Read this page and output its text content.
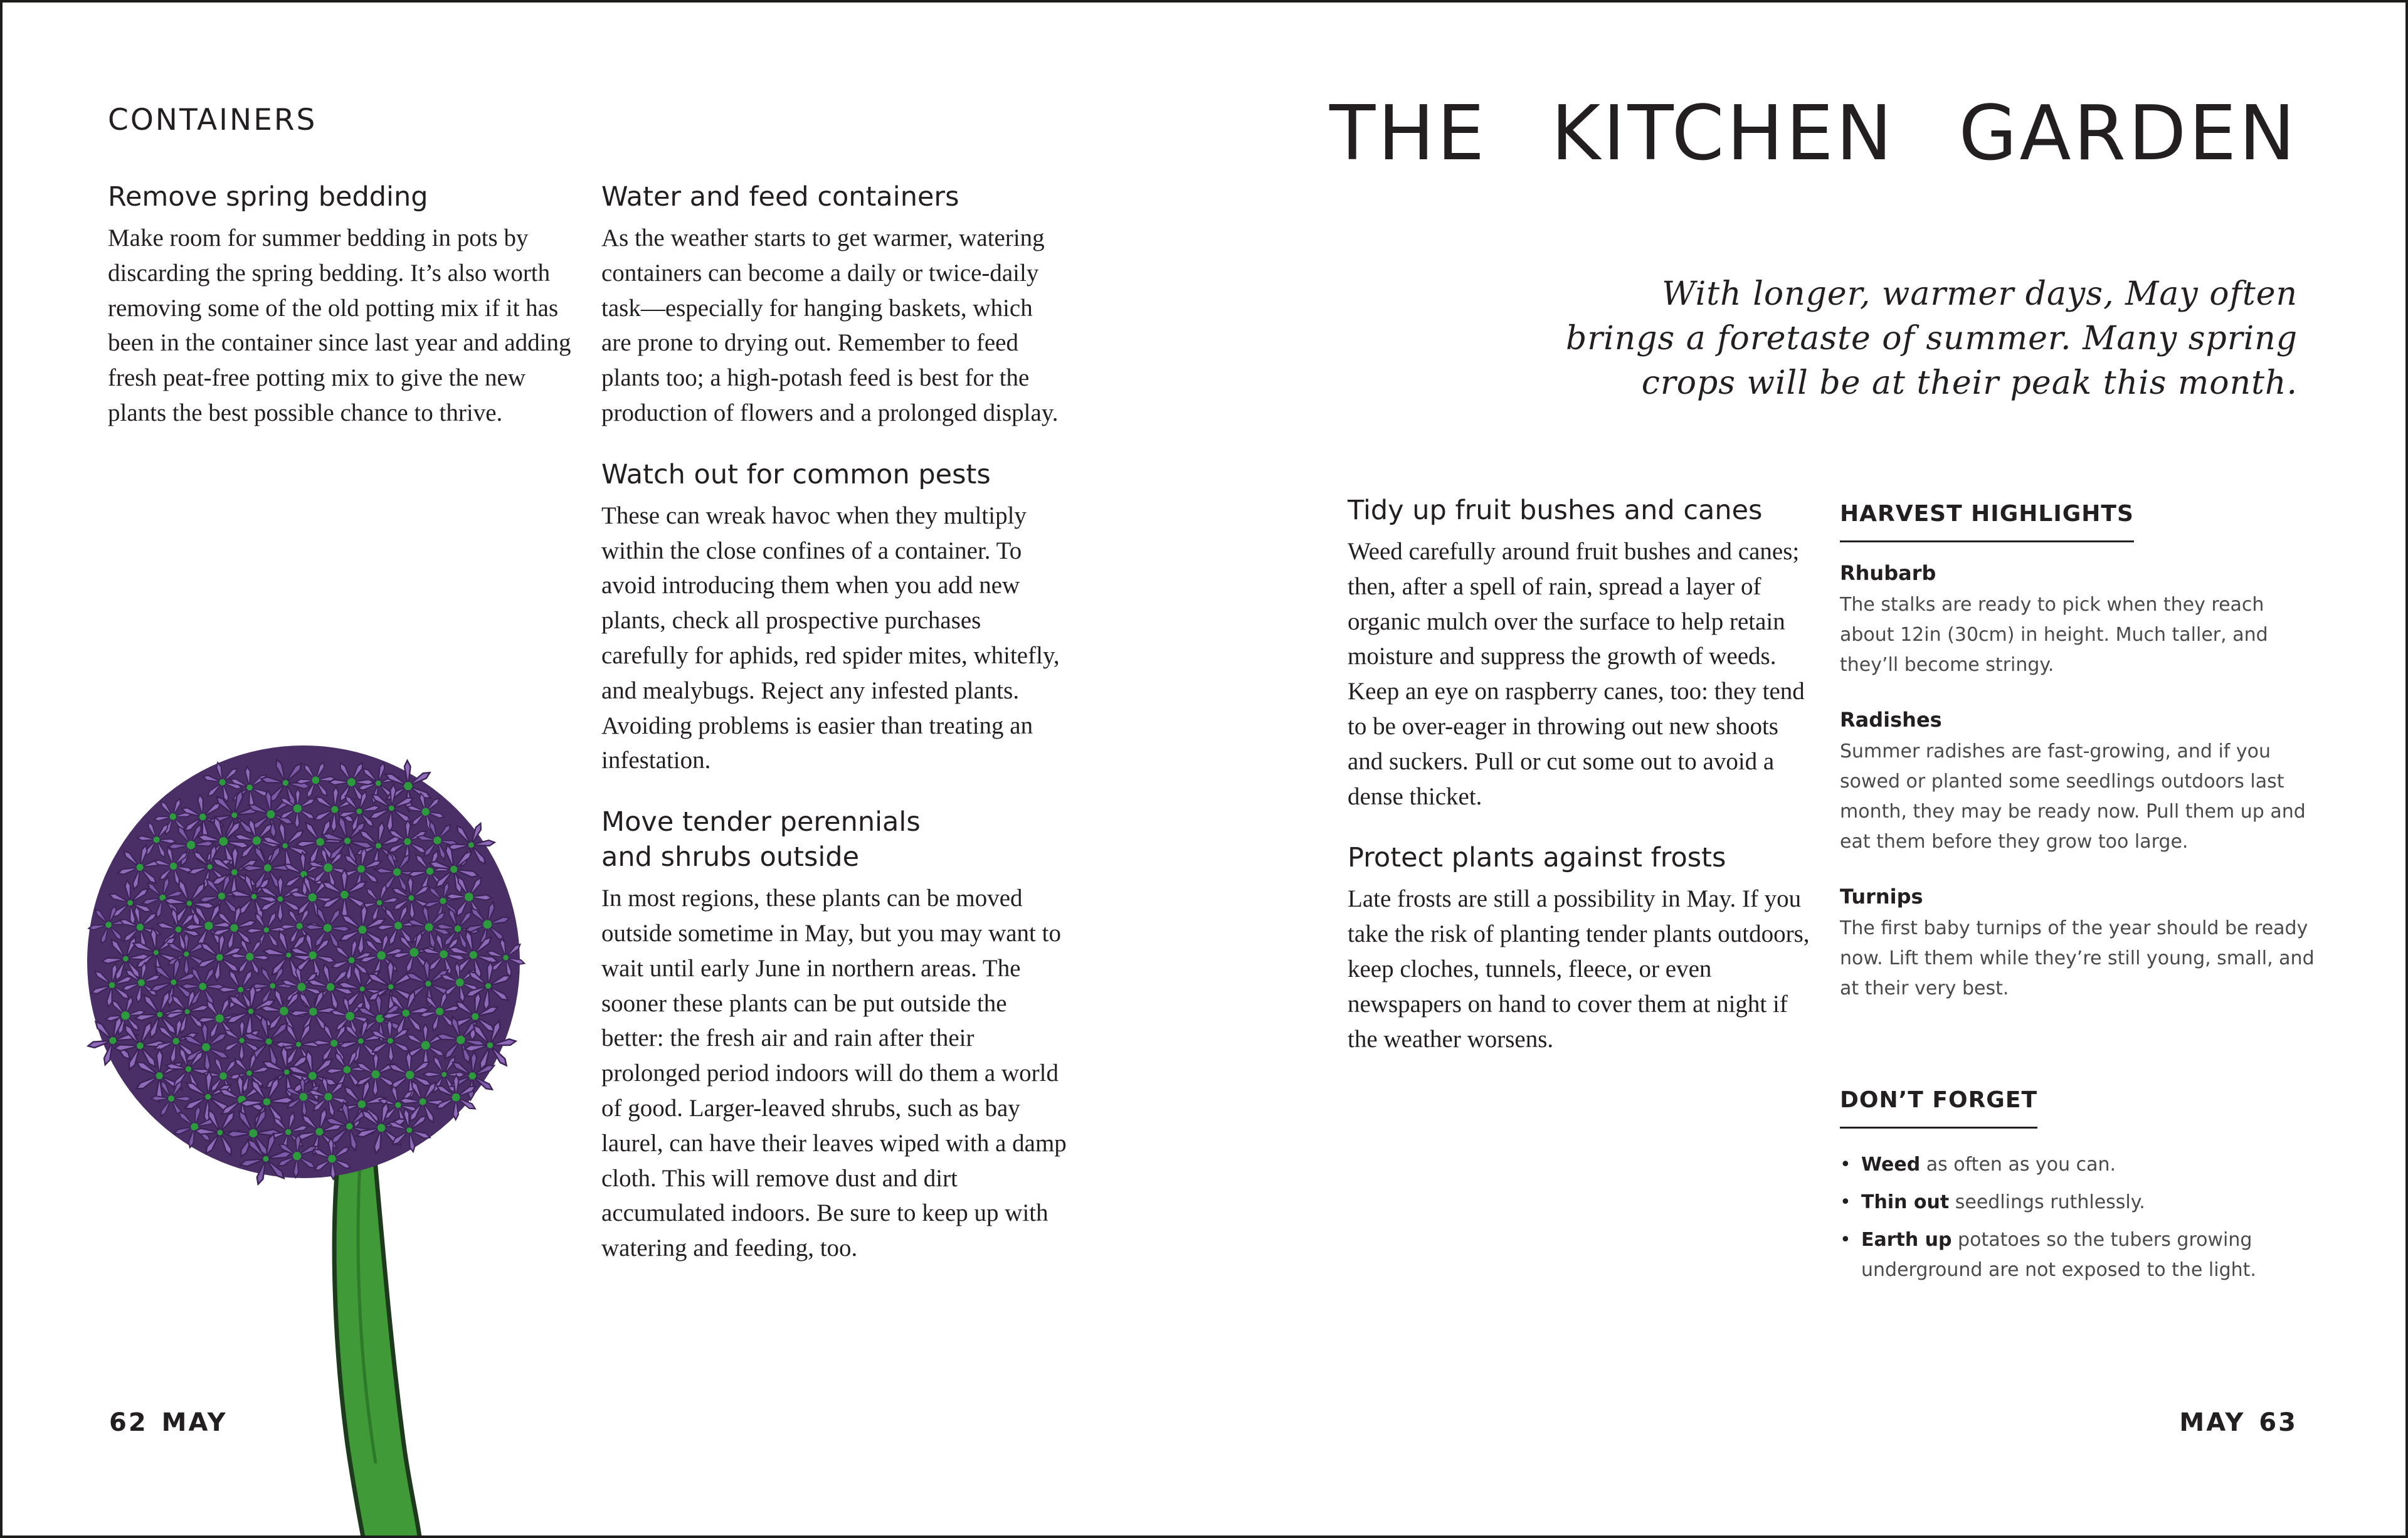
CONTAINERS
Remove spring bedding

Make room for summer bedding in pots by discarding the spring bedding. It’s also worth removing some of the old potting mix if it has been in the container since last year and adding fresh peat-free potting mix to give the new plants the best possible chance to thrive.

Water and feed containers

As the weather starts to get warmer, watering containers can become a daily or twice-daily task—especially for hanging baskets, which are prone to drying out. Remember to feed plants too; a high-potash feed is best for the production of flowers and a prolonged display.

Watch out for common pests

These can wreak havoc when they multiply within the close confines of a container. To avoid introducing them when you add new plants, check all prospective purchases carefully for aphids, red spider mites, whitefly, and mealybugs. Reject any infested plants. Avoiding problems is easier than treating an infestation.

Move tender perennials and shrubs outside

In most regions, these plants can be moved outside sometime in May, but you may want to wait until early June in northern areas. The sooner these plants can be put outside the better: the fresh air and rain after their prolonged period indoors will do them a world of good. Larger-leaved shrubs, such as bay laurel, can have their leaves wiped with a damp cloth. This will remove dust and dirt accumulated indoors. Be sure to keep up with watering and feeding, too.

62 MAY
THE KITCHEN GARDEN
With longer, warmer days, May often brings a foretaste of summer. Many spring crops will be at their peak this month.
Tidy up fruit bushes and canes

Weed carefully around fruit bushes and canes; then, after a spell of rain, spread a layer of organic mulch over the surface to help retain moisture and suppress the growth of weeds. Keep an eye on raspberry canes, too: they tend to be over-eager in throwing out new shoots and suckers. Pull or cut some out to avoid a dense thicket.

Protect plants against frosts

Late frosts are still a possibility in May. If you take the risk of planting tender plants outdoors, keep cloches, tunnels, fleece, or even newspapers on hand to cover them at night if the weather worsens.

HARVEST HIGHLIGHTS

Rhubarb

The stalks are ready to pick when they reach about 12in (30cm) in height. Much taller, and they’ll become stringy.

Radishes

Summer radishes are fast-growing, and if you sowed or planted some seedlings outdoors last month, they may be ready now. Pull them up and eat them before they grow too large.

Turnips

The first baby turnips of the year should be ready now. Lift them while they’re still young, small, and at their very best.

DON’T FORGET
• Weed as often as you can.
• Thin out seedlings ruthlessly.
• Earth up potatoes so the tubers growing underground are not exposed to the light.
MAY 63
